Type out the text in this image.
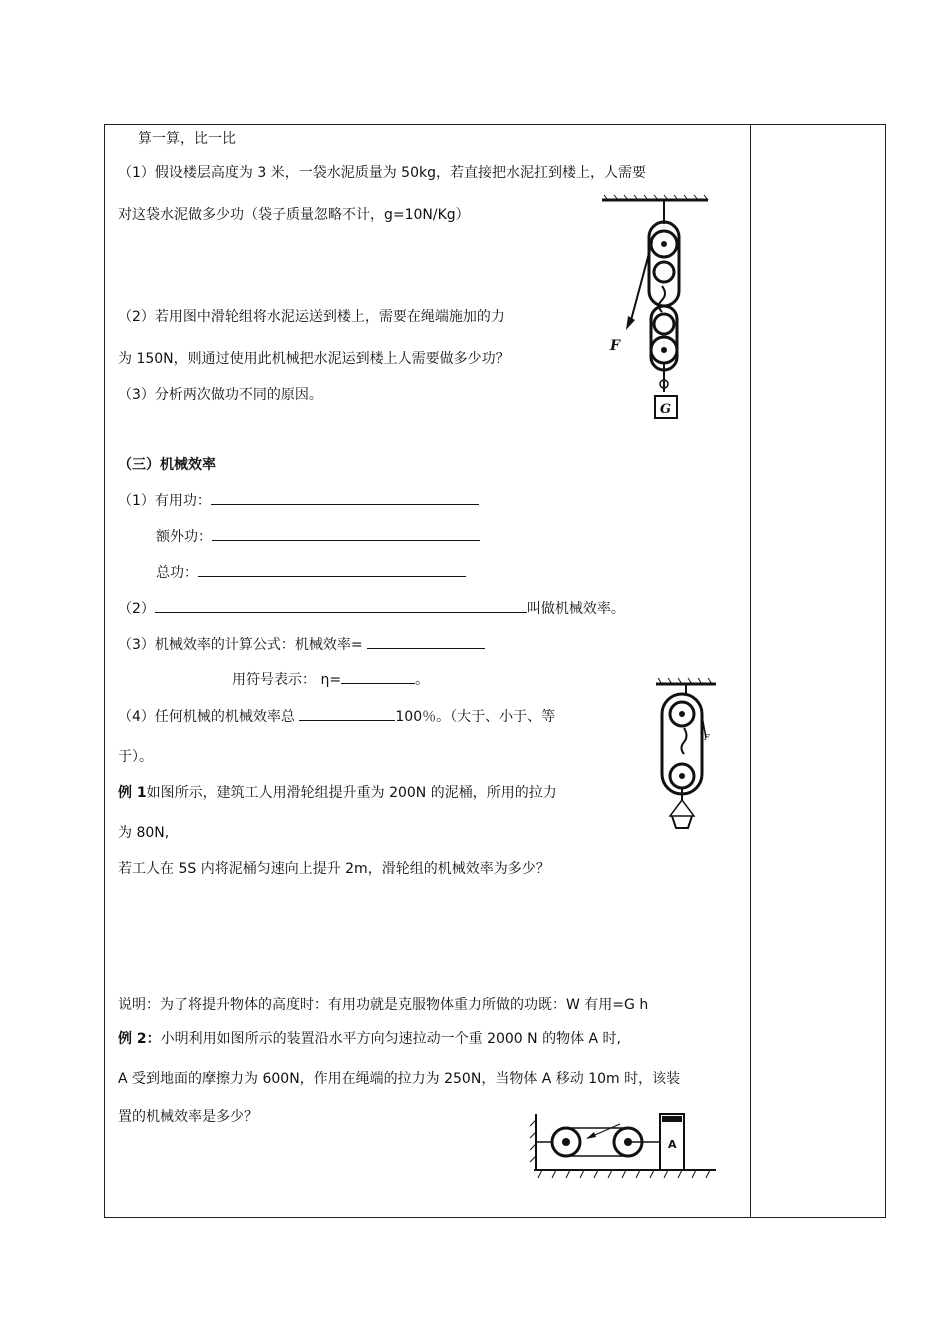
算一算，比一比
（1）假设楼层高度为 3 米，一袋水泥质量为 50kg，若直接把水泥扛到楼上，人需要
对这袋水泥做多少功（袋子质量忽略不计，g=10N/Kg）
（2）若用图中滑轮组将水泥运送到楼上，需要在绳端施加的力
为 150N，则通过使用此机械把水泥运到楼上人需要做多少功？
（3）分析两次做功不同的原因。
F
G
（三）机械效率
（1）有用功：
额外功：
总功：
（2）	叫做机械效率。
（3）机械效率的计算公式：机械效率=
用符号表示： η=	。
（4）任何机械的机械效率总	100％。（大于、小于、等
于）。
例 1如图所示，建筑工人用滑轮组提升重为 200N 的泥桶，所用的拉力
为 80N,
若工人在 5S 内将泥桶匀速向上提升 2m，滑轮组的机械效率为多少？
F
说明：为了将提升物体的高度时：有用功就是克服物体重力所做的功既：W 有用=G h
例 2：小明利用如图所示的装置沿水平方向匀速拉动一个重 2000 N 的物体 A 时,
A 受到地面的摩擦力为 600N，作用在绳端的拉力为 250N，当物体 A 移动 10m 时，该装
置的机械效率是多少？
A
